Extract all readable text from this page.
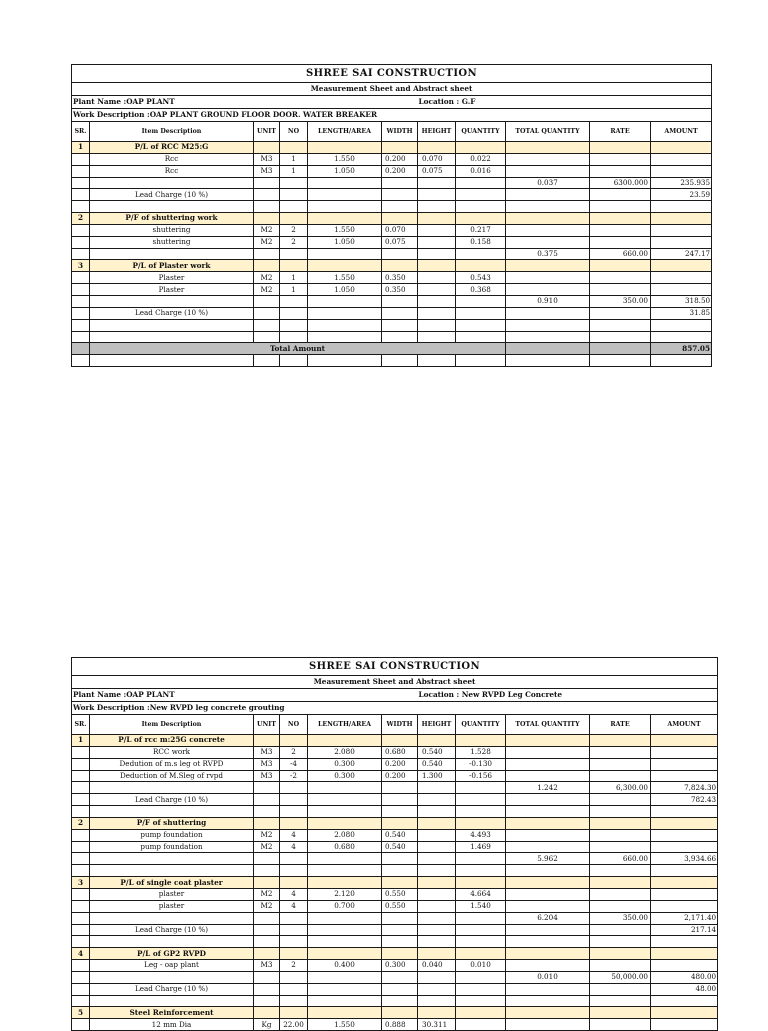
SHREE SAI CONSTRUCTION										
Measurement Sheet and Abstract sheet										
Plant Name :OAP PLANT						Location : G.F				
Work Description :OAP PLANT GROUND FLOOR DOOR. WATER BREAKER										
SR.	Item Description	UNIT	NO	LENGTH/AREA	WIDTH	HEIGHT	QUANTITY	TOTAL QUANTITY	RATE	AMOUNT
1	P/L of RCC M25:G									
	Rcc	M3	1	1.550	0.200	0.070	0.022			
	Rcc	M3	1	1.050	0.200	0.075	0.016			
								0.037	6300.000	235.935
	Lead Charge (10 %)									23.59

2	P/F of shuttering work									
	shuttering	M2	2	1.550	0.070		0.217			
	shuttering	M2	2	1.050	0.075		0.158			
								0.375	660.00	247.17
3	P/L of Plaster work									
	Plaster	M2	1	1.550	0.350		0.543			
	Plaster	M2	1	1.050	0.350		0.368			
								0.910	350.00	318.50
	Lead Charge (10 %)									31.85

	Total Amount									857.05

SHREE SAI CONSTRUCTION										
Measurement Sheet and Abstract sheet										
Plant Name :OAP PLANT						Location : New RVPD Leg Concrete				
Work Description :New RVPD leg concrete grouting										
SR.	Item Description	UNIT	NO	LENGTH/AREA	WIDTH	HEIGHT	QUANTITY	TOTAL QUANTITY	RATE	AMOUNT
1	P/L of rcc m:25G concrete									
	RCC work	M3	2	2.080	0.680	0.540	1.528			
	Dedution of m.s leg ot RVPD	M3	-4	0.300	0.200	0.540	-0.130			
	Deduction of M.Sleg of rvpd	M3	-2	0.300	0.200	1.300	-0.156			
								1.242	6,300.00	7,824.30
	Lead Charge (10 %)									782.43

2	P/F of shuttering									
	pump foundation	M2	4	2.080	0.540		4.493			
	pump foundation	M2	4	0.680	0.540		1.469			
								5.962	660.00	3,934.66

3	P/L of single coat plaster									
	plaster	M2	4	2.120	0.550		4.664			
	plaster	M2	4	0.700	0.550		1.540			
								6.204	350.00	2,171.40
	Lead Charge (10 %)									217.14

4	P/L of GP2 RVPD									
	Leg - oap plant	M3	2	0.400	0.300	0.040	0.010			
								0.010	50,000.00	480.00
	Lead Charge (10 %)									48.00

5	Steel Reinforcement									
	12 mm Dia	Kg	22.00	1.550	0.888	30.311				
